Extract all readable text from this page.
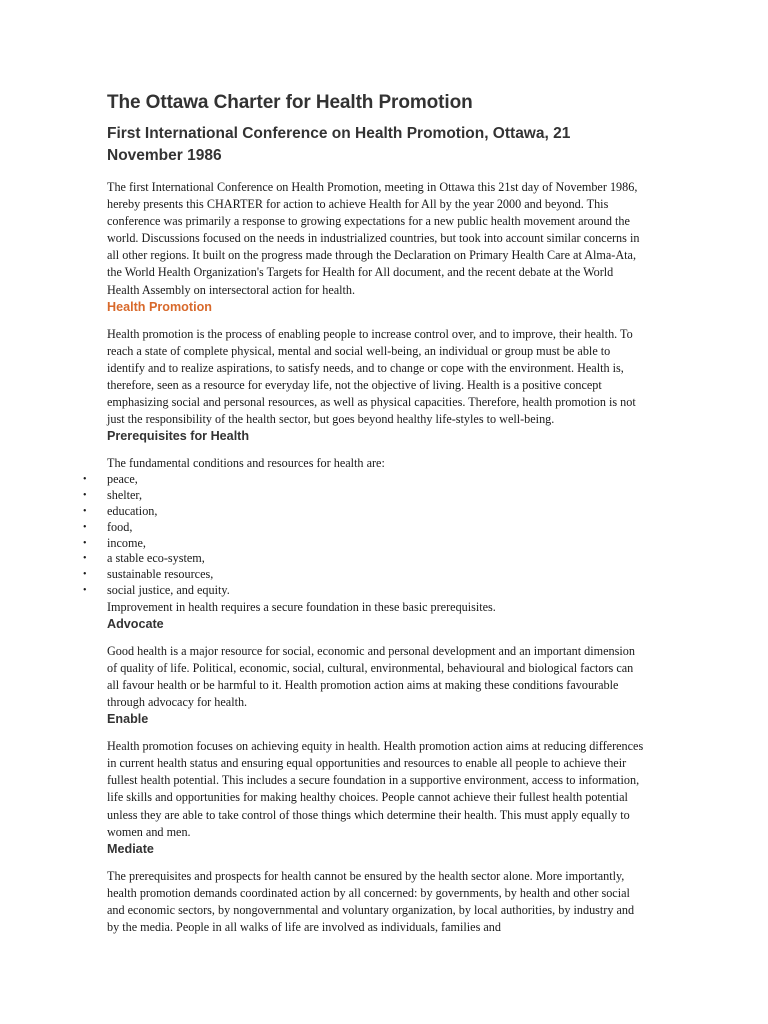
The Ottawa Charter for Health Promotion
First International Conference on Health Promotion, Ottawa, 21 November 1986

The first International Conference on Health Promotion, meeting in Ottawa this 21st day of November 1986, hereby presents this CHARTER for action to achieve Health for All by the year 2000 and beyond. This conference was primarily a response to growing expectations for a new public health movement around the world. Discussions focused on the needs in industrialized countries, but took into account similar concerns in all other regions. It built on the progress made through the Declaration on Primary Health Care at Alma-Ata, the World Health Organization's Targets for Health for All document, and the recent debate at the World Health Assembly on intersectoral action for health.

Health Promotion

Health promotion is the process of enabling people to increase control over, and to improve, their health. To reach a state of complete physical, mental and social well-being, an individual or group must be able to identify and to realize aspirations, to satisfy needs, and to change or cope with the environment. Health is, therefore, seen as a resource for everyday life, not the objective of living. Health is a positive concept emphasizing social and personal resources, as well as physical capacities. Therefore, health promotion is not just the responsibility of the health sector, but goes beyond healthy life-styles to well-being.

Prerequisites for Health

The fundamental conditions and resources for health are:

• peace,
• shelter,
• education,
• food,
• income,
• a stable eco-system,
• sustainable resources,
• social justice, and equity.

Improvement in health requires a secure foundation in these basic prerequisites.

Advocate

Good health is a major resource for social, economic and personal development and an important dimension of quality of life. Political, economic, social, cultural, environmental, behavioural and biological factors can all favour health or be harmful to it. Health promotion action aims at making these conditions favourable through advocacy for health.

Enable

Health promotion focuses on achieving equity in health. Health promotion action aims at reducing differences in current health status and ensuring equal opportunities and resources to enable all people to achieve their fullest health potential. This includes a secure foundation in a supportive environment, access to information, life skills and opportunities for making healthy choices. People cannot achieve their fullest health potential unless they are able to take control of those things which determine their health. This must apply equally to women and men.

Mediate

The prerequisites and prospects for health cannot be ensured by the health sector alone. More importantly, health promotion demands coordinated action by all concerned: by governments, by health and other social and economic sectors, by nongovernmental and voluntary organization, by local authorities, by industry and by the media. People in all walks of life are involved as individuals, families and
